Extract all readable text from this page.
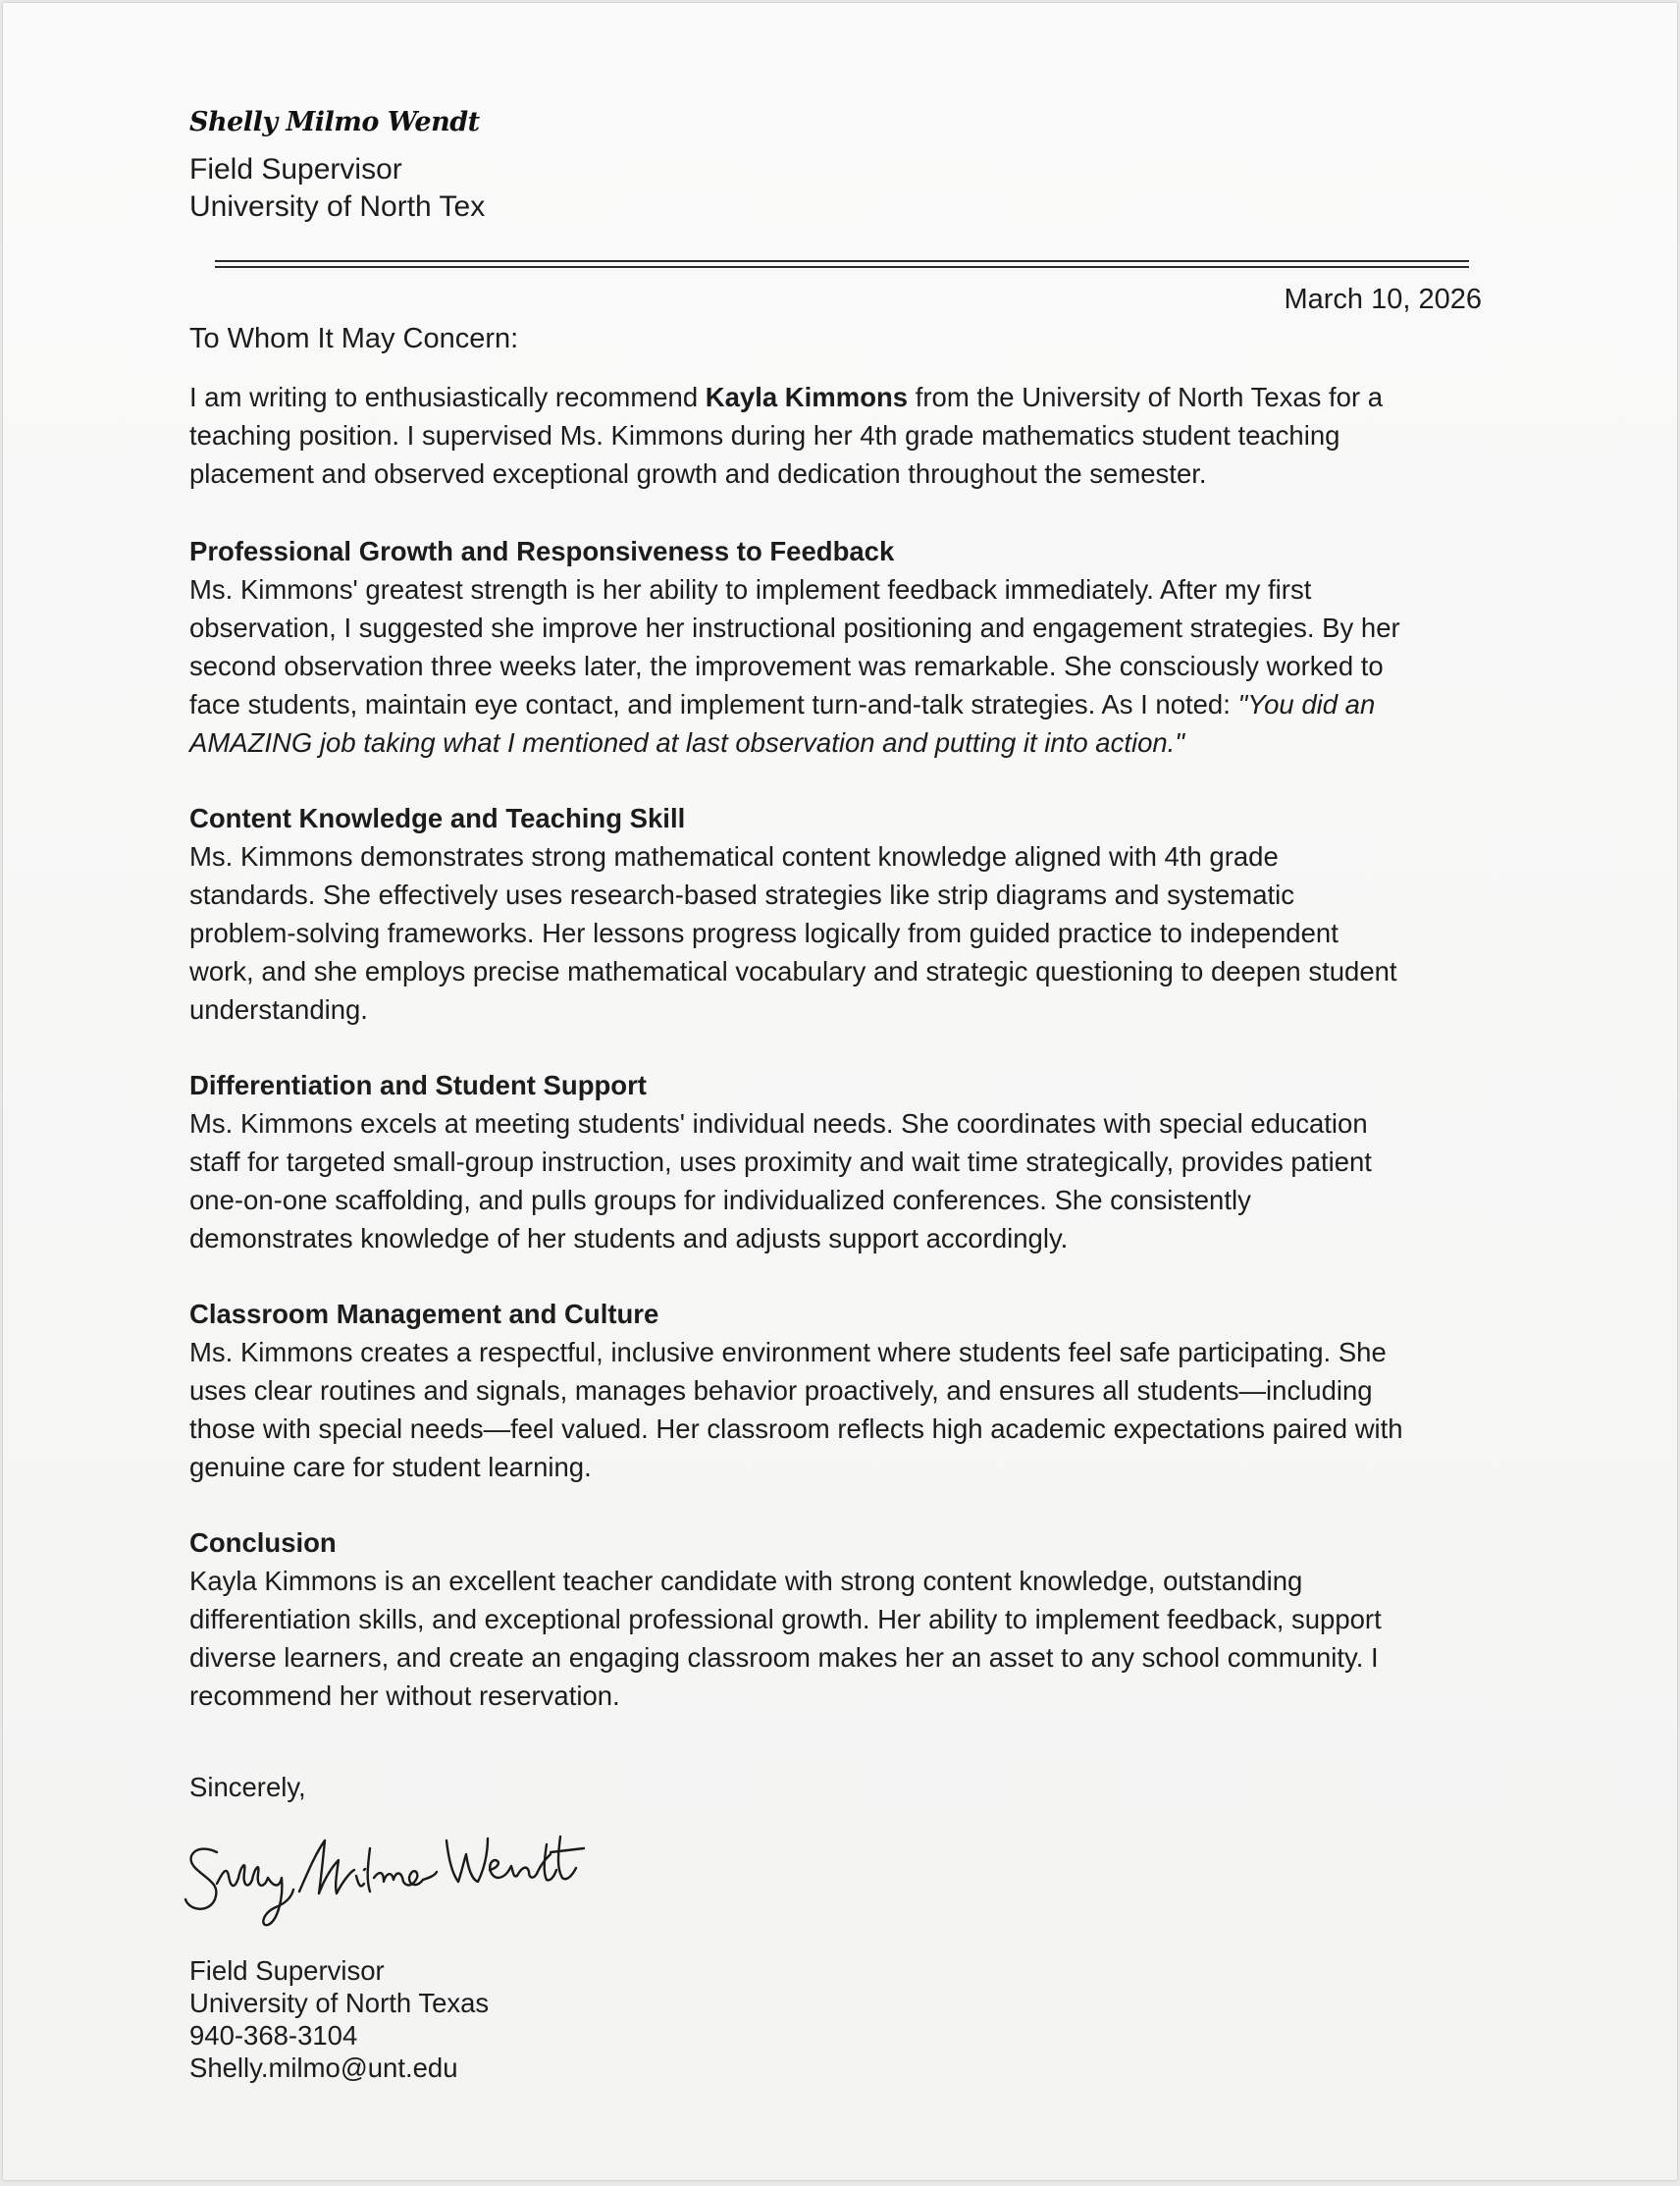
Shelly Milmo Wendt
Field Supervisor
University of North Tex
March 10, 2026
To Whom It May Concern:
I am writing to enthusiastically recommend Kayla Kimmons from the University of North Texas for a
teaching position. I supervised Ms. Kimmons during her 4th grade mathematics student teaching
placement and observed exceptional growth and dedication throughout the semester.
Professional Growth and Responsiveness to Feedback
Ms. Kimmons' greatest strength is her ability to implement feedback immediately. After my first
observation, I suggested she improve her instructional positioning and engagement strategies. By her
second observation three weeks later, the improvement was remarkable. She consciously worked to
face students, maintain eye contact, and implement turn-and-talk strategies. As I noted: "You did an
AMAZING job taking what I mentioned at last observation and putting it into action."
Content Knowledge and Teaching Skill
Ms. Kimmons demonstrates strong mathematical content knowledge aligned with 4th grade
standards. She effectively uses research-based strategies like strip diagrams and systematic
problem-solving frameworks. Her lessons progress logically from guided practice to independent
work, and she employs precise mathematical vocabulary and strategic questioning to deepen student
understanding.
Differentiation and Student Support
Ms. Kimmons excels at meeting students' individual needs. She coordinates with special education
staff for targeted small-group instruction, uses proximity and wait time strategically, provides patient
one-on-one scaffolding, and pulls groups for individualized conferences. She consistently
demonstrates knowledge of her students and adjusts support accordingly.
Classroom Management and Culture
Ms. Kimmons creates a respectful, inclusive environment where students feel safe participating. She
uses clear routines and signals, manages behavior proactively, and ensures all students—including
those with special needs—feel valued. Her classroom reflects high academic expectations paired with
genuine care for student learning.
Conclusion
Kayla Kimmons is an excellent teacher candidate with strong content knowledge, outstanding
differentiation skills, and exceptional professional growth. Her ability to implement feedback, support
diverse learners, and create an engaging classroom makes her an asset to any school community. I
recommend her without reservation.
Sincerely,
Field Supervisor
University of North Texas
940-368-3104
Shelly.milmo@unt.edu
